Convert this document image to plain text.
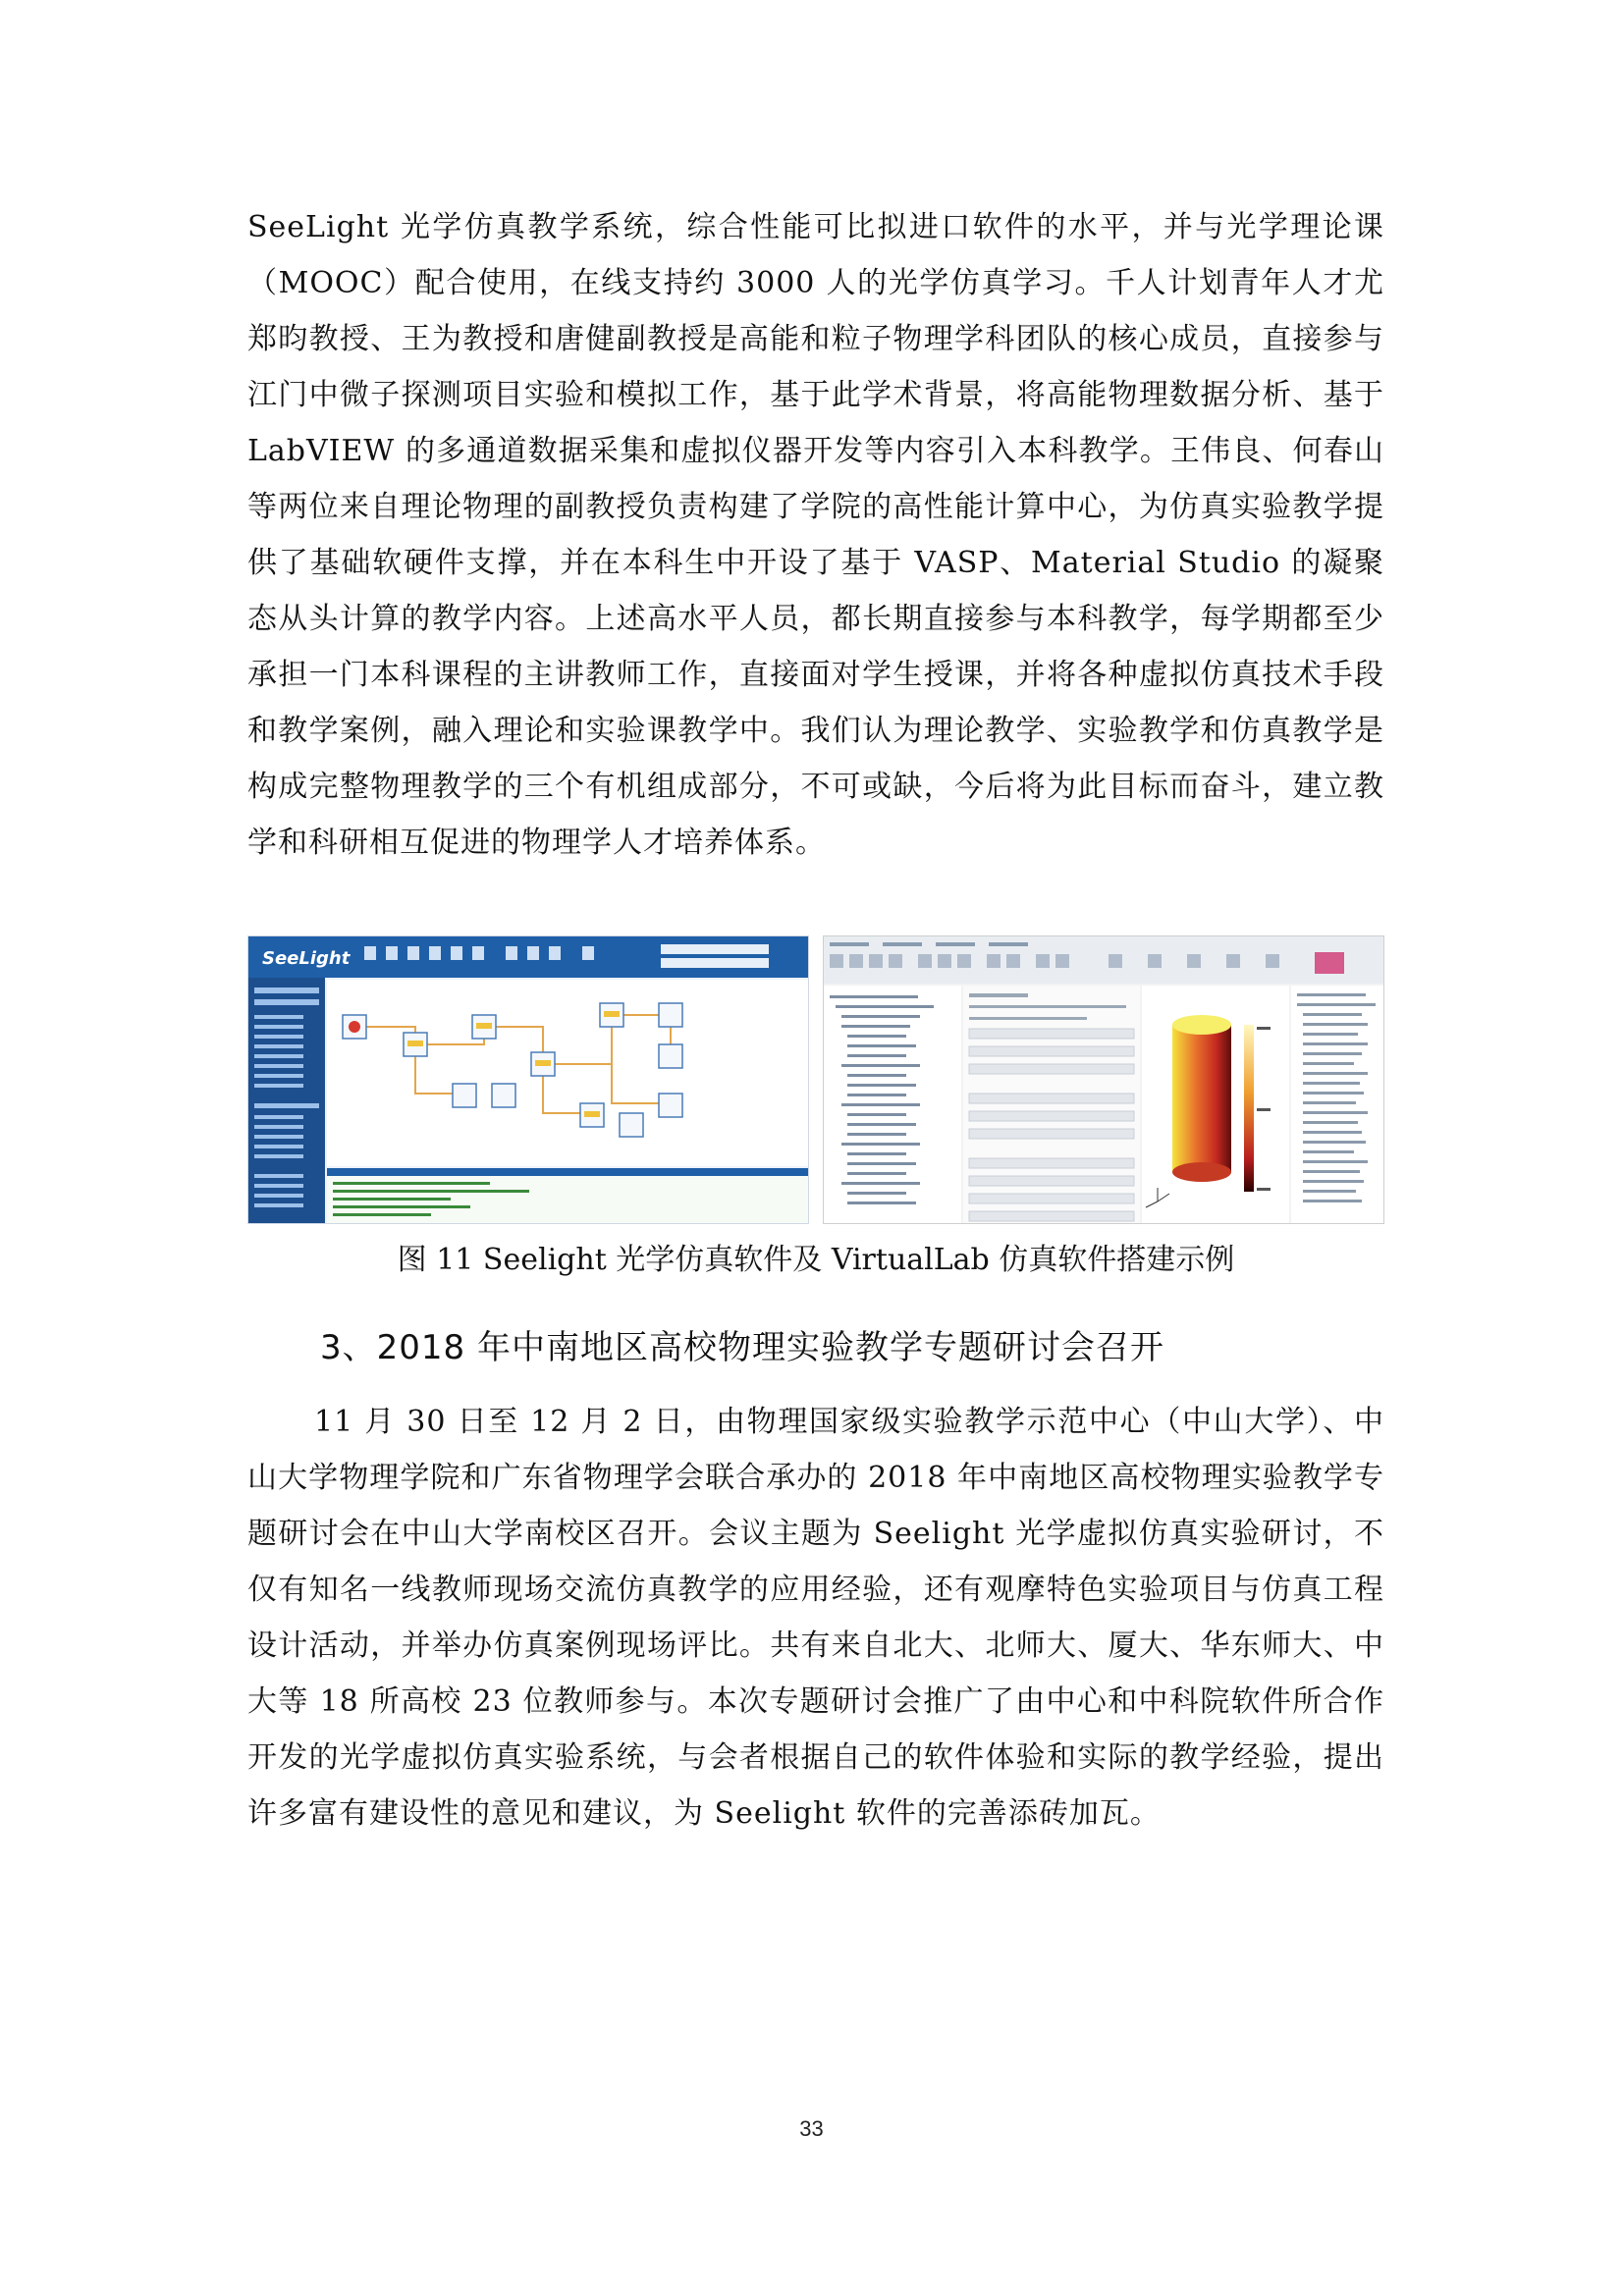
SeeLight 光学仿真教学系统，综合性能可比拟进口软件的水平，并与光学理论课（MOOC）配合使用，在线支持约 3000 人的光学仿真学习。千人计划青年人才尤郑昀教授、王为教授和唐健副教授是高能和粒子物理学科团队的核心成员，直接参与江门中微子探测项目实验和模拟工作，基于此学术背景，将高能物理数据分析、基于 LabVIEW 的多通道数据采集和虚拟仪器开发等内容引入本科教学。王伟良、何春山等两位来自理论物理的副教授负责构建了学院的高性能计算中心，为仿真实验教学提供了基础软硬件支撑，并在本科生中开设了基于 VASP、Material Studio 的凝聚态从头计算的教学内容。上述高水平人员，都长期直接参与本科教学，每学期都至少承担一门本科课程的主讲教师工作，直接面对学生授课，并将各种虚拟仿真技术手段和教学案例，融入理论和实验课教学中。我们认为理论教学、实验教学和仿真教学是构成完整物理教学的三个有机组成部分，不可或缺，今后将为此目标而奋斗，建立教学和科研相互促进的物理学人才培养体系。

SeeLight
图 11 Seelight 光学仿真软件及 VirtualLab 仿真软件搭建示例
3、2018 年中南地区高校物理实验教学专题研讨会召开

11 月 30 日至 12 月 2 日，由物理国家级实验教学示范中心（中山大学）、中山大学物理学院和广东省物理学会联合承办的 2018 年中南地区高校物理实验教学专题研讨会在中山大学南校区召开。会议主题为 Seelight 光学虚拟仿真实验研讨，不仅有知名一线教师现场交流仿真教学的应用经验，还有观摩特色实验项目与仿真工程设计活动，并举办仿真案例现场评比。共有来自北大、北师大、厦大、华东师大、中大等 18 所高校 23 位教师参与。本次专题研讨会推广了由中心和中科院软件所合作开发的光学虚拟仿真实验系统，与会者根据自己的软件体验和实际的教学经验，提出许多富有建设性的意见和建议，为 Seelight 软件的完善添砖加瓦。

33
